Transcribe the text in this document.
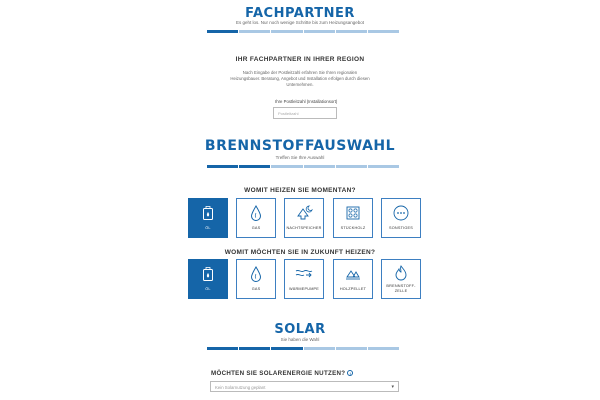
FACHPARTNER
Es geht los. Nur noch wenige Schritte bis zum Heizungsangebot
IHR FACHPARTNER IN IHRER REGION
Nach Eingabe der Postleitzahl erfahren Sie Ihren regionalen Heizungsbauer. Beratung, Angebot und Installation erfolgen durch diesen Unternehmen.
Ihre Postleitzahl (Installationsort)
Postleitzahl
BRENNSTOFFAUSWAHL
Treffen Sie Ihre Auswahl
WOMIT HEIZEN SIE MOMENTAN?
ÖL	GAS	NACHTSPEICHER	STÜCKHOLZ	SONSTIGES
WOMIT MÖCHTEN SIE IN ZUKUNFT HEIZEN?
ÖL	GAS	WÄRMEPUMPE	HOLZPELLET
BRENNSTOFF-
ZELLE
SOLAR
Sie haben die Wahl
MÖCHTEN SIE SOLARENERGIE NUTZEN? i
Kein Solarnutzung geplant	▾
